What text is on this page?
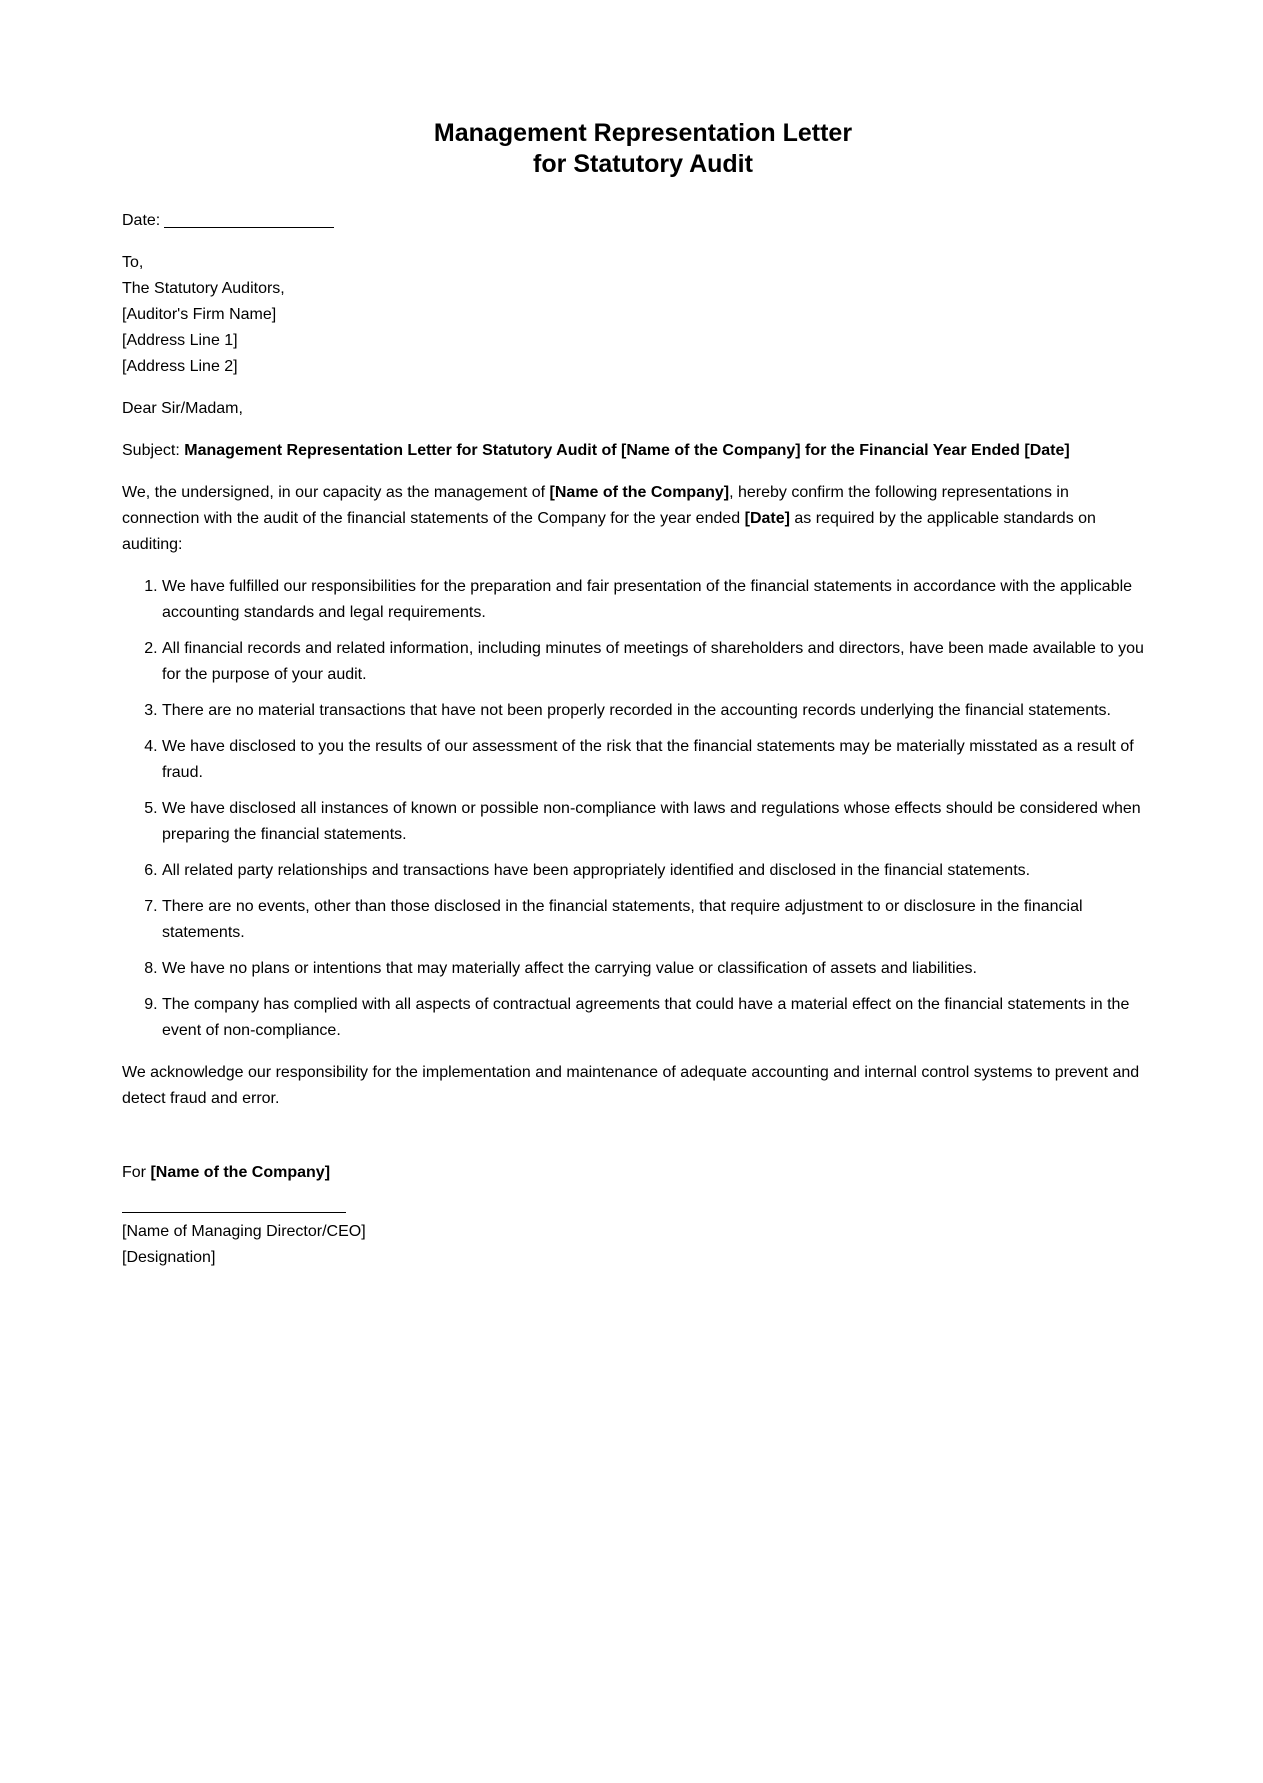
Management Representation Letter
for Statutory Audit

Date:

To,
The Statutory Auditors,
[Auditor's Firm Name]
[Address Line 1]
[Address Line 2]

Dear Sir/Madam,

Subject: Management Representation Letter for Statutory Audit of [Name of the Company] for the Financial Year Ended [Date]

We, the undersigned, in our capacity as the management of [Name of the Company], hereby confirm the following representations in connection with the audit of the financial statements of the Company for the year ended [Date] as required by the applicable standards on auditing:

1. We have fulfilled our responsibilities for the preparation and fair presentation of the financial statements in accordance with the applicable accounting standards and legal requirements.
2. All financial records and related information, including minutes of meetings of shareholders and directors, have been made available to you for the purpose of your audit.
3. There are no material transactions that have not been properly recorded in the accounting records underlying the financial statements.
4. We have disclosed to you the results of our assessment of the risk that the financial statements may be materially misstated as a result of fraud.
5. We have disclosed all instances of known or possible non-compliance with laws and regulations whose effects should be considered when preparing the financial statements.
6. All related party relationships and transactions have been appropriately identified and disclosed in the financial statements.
7. There are no events, other than those disclosed in the financial statements, that require adjustment to or disclosure in the financial statements.
8. We have no plans or intentions that may materially affect the carrying value or classification of assets and liabilities.
9. The company has complied with all aspects of contractual agreements that could have a material effect on the financial statements in the event of non-compliance.

We acknowledge our responsibility for the implementation and maintenance of adequate accounting and internal control systems to prevent and detect fraud and error.

For [Name of the Company]

[Name of Managing Director/CEO]
[Designation]
